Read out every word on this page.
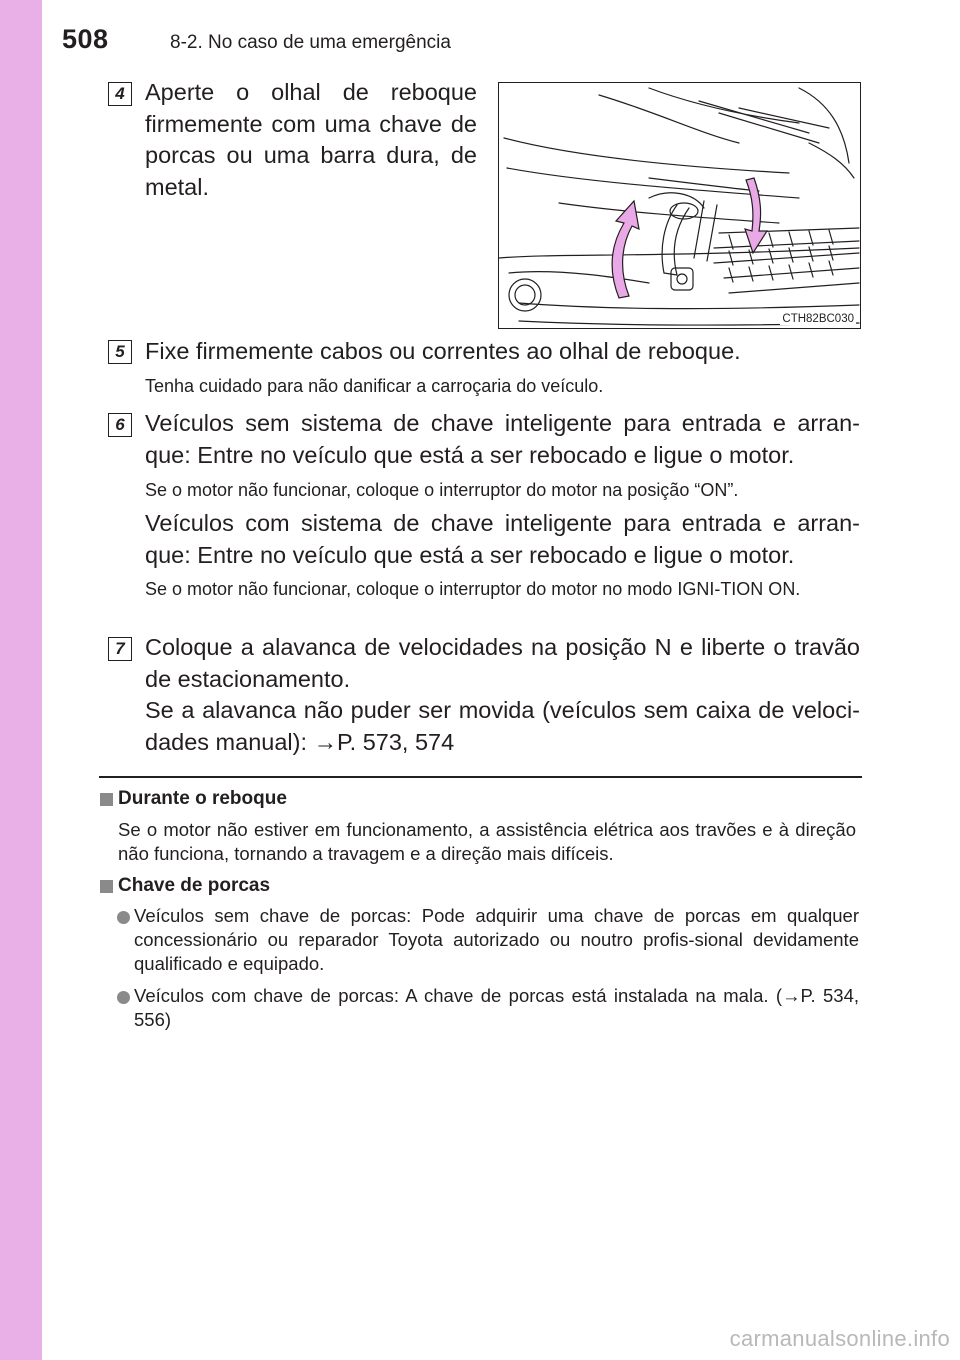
508	8-2. No caso de uma emergência
4 Aperte o olhal de reboque firmemente com uma chave de porcas ou uma barra dura, de metal.
CTH82BC030
5 Fixe firmemente cabos ou correntes ao olhal de reboque.
Tenha cuidado para não danificar a carroçaria do veículo.
6 Veículos sem sistema de chave inteligente para entrada e arran-que: Entre no veículo que está a ser rebocado e ligue o motor.
Se o motor não funcionar, coloque o interruptor do motor na posição “ON”.
Veículos com sistema de chave inteligente para entrada e arran-que: Entre no veículo que está a ser rebocado e ligue o motor.
Se o motor não funcionar, coloque o interruptor do motor no modo IGNI-TION ON.
7 Coloque a alavanca de velocidades na posição N e liberte o travão de estacionamento.
Se a alavanca não puder ser movida (veículos sem caixa de veloci-dades manual): →P. 573, 574
Durante o reboque
Se o motor não estiver em funcionamento, a assistência elétrica aos travões e à direção não funciona, tornando a travagem e a direção mais difíceis.
Chave de porcas
Veículos sem chave de porcas: Pode adquirir uma chave de porcas em qualquer concessionário ou reparador Toyota autorizado ou noutro profis-sional devidamente qualificado e equipado.
Veículos com chave de porcas: A chave de porcas está instalada na mala. (→P. 534, 556)
carmanualsonline.info
